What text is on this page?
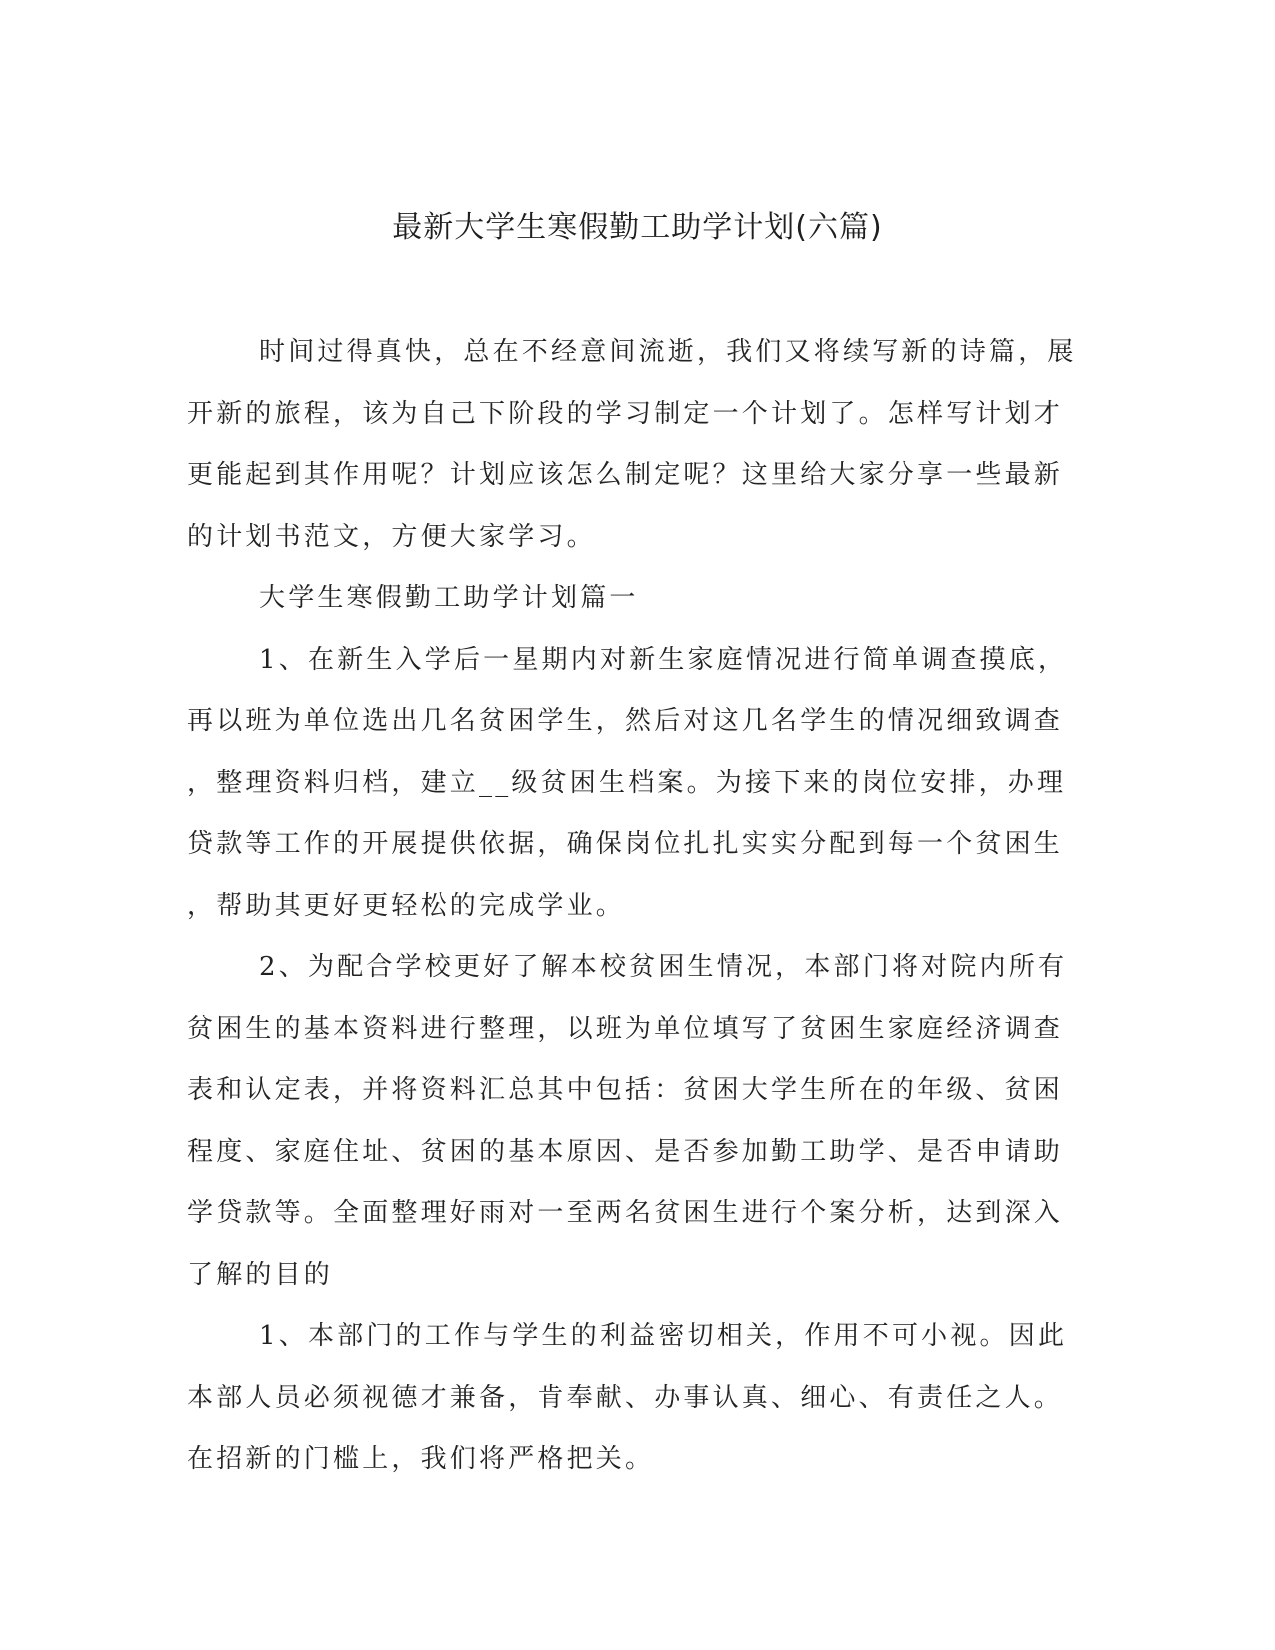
最新大学生寒假勤工助学计划(六篇)
时间过得真快，总在不经意间流逝，我们又将续写新的诗篇，展
开新的旅程，该为自己下阶段的学习制定一个计划了。怎样写计划才
更能起到其作用呢？计划应该怎么制定呢？这里给大家分享一些最新
的计划书范文，方便大家学习。
大学生寒假勤工助学计划篇一
1、在新生入学后一星期内对新生家庭情况进行简单调查摸底，
再以班为单位选出几名贫困学生，然后对这几名学生的情况细致调查
，整理资料归档，建立__级贫困生档案。为接下来的岗位安排，办理
贷款等工作的开展提供依据，确保岗位扎扎实实分配到每一个贫困生
，帮助其更好更轻松的完成学业。
2、为配合学校更好了解本校贫困生情况，本部门将对院内所有
贫困生的基本资料进行整理，以班为单位填写了贫困生家庭经济调查
表和认定表，并将资料汇总其中包括：贫困大学生所在的年级、贫困
程度、家庭住址、贫困的基本原因、是否参加勤工助学、是否申请助
学贷款等。全面整理好雨对一至两名贫困生进行个案分析，达到深入
了解的目的
1、本部门的工作与学生的利益密切相关，作用不可小视。因此
本部人员必须视德才兼备，肯奉献、办事认真、细心、有责任之人。
在招新的门槛上，我们将严格把关。
